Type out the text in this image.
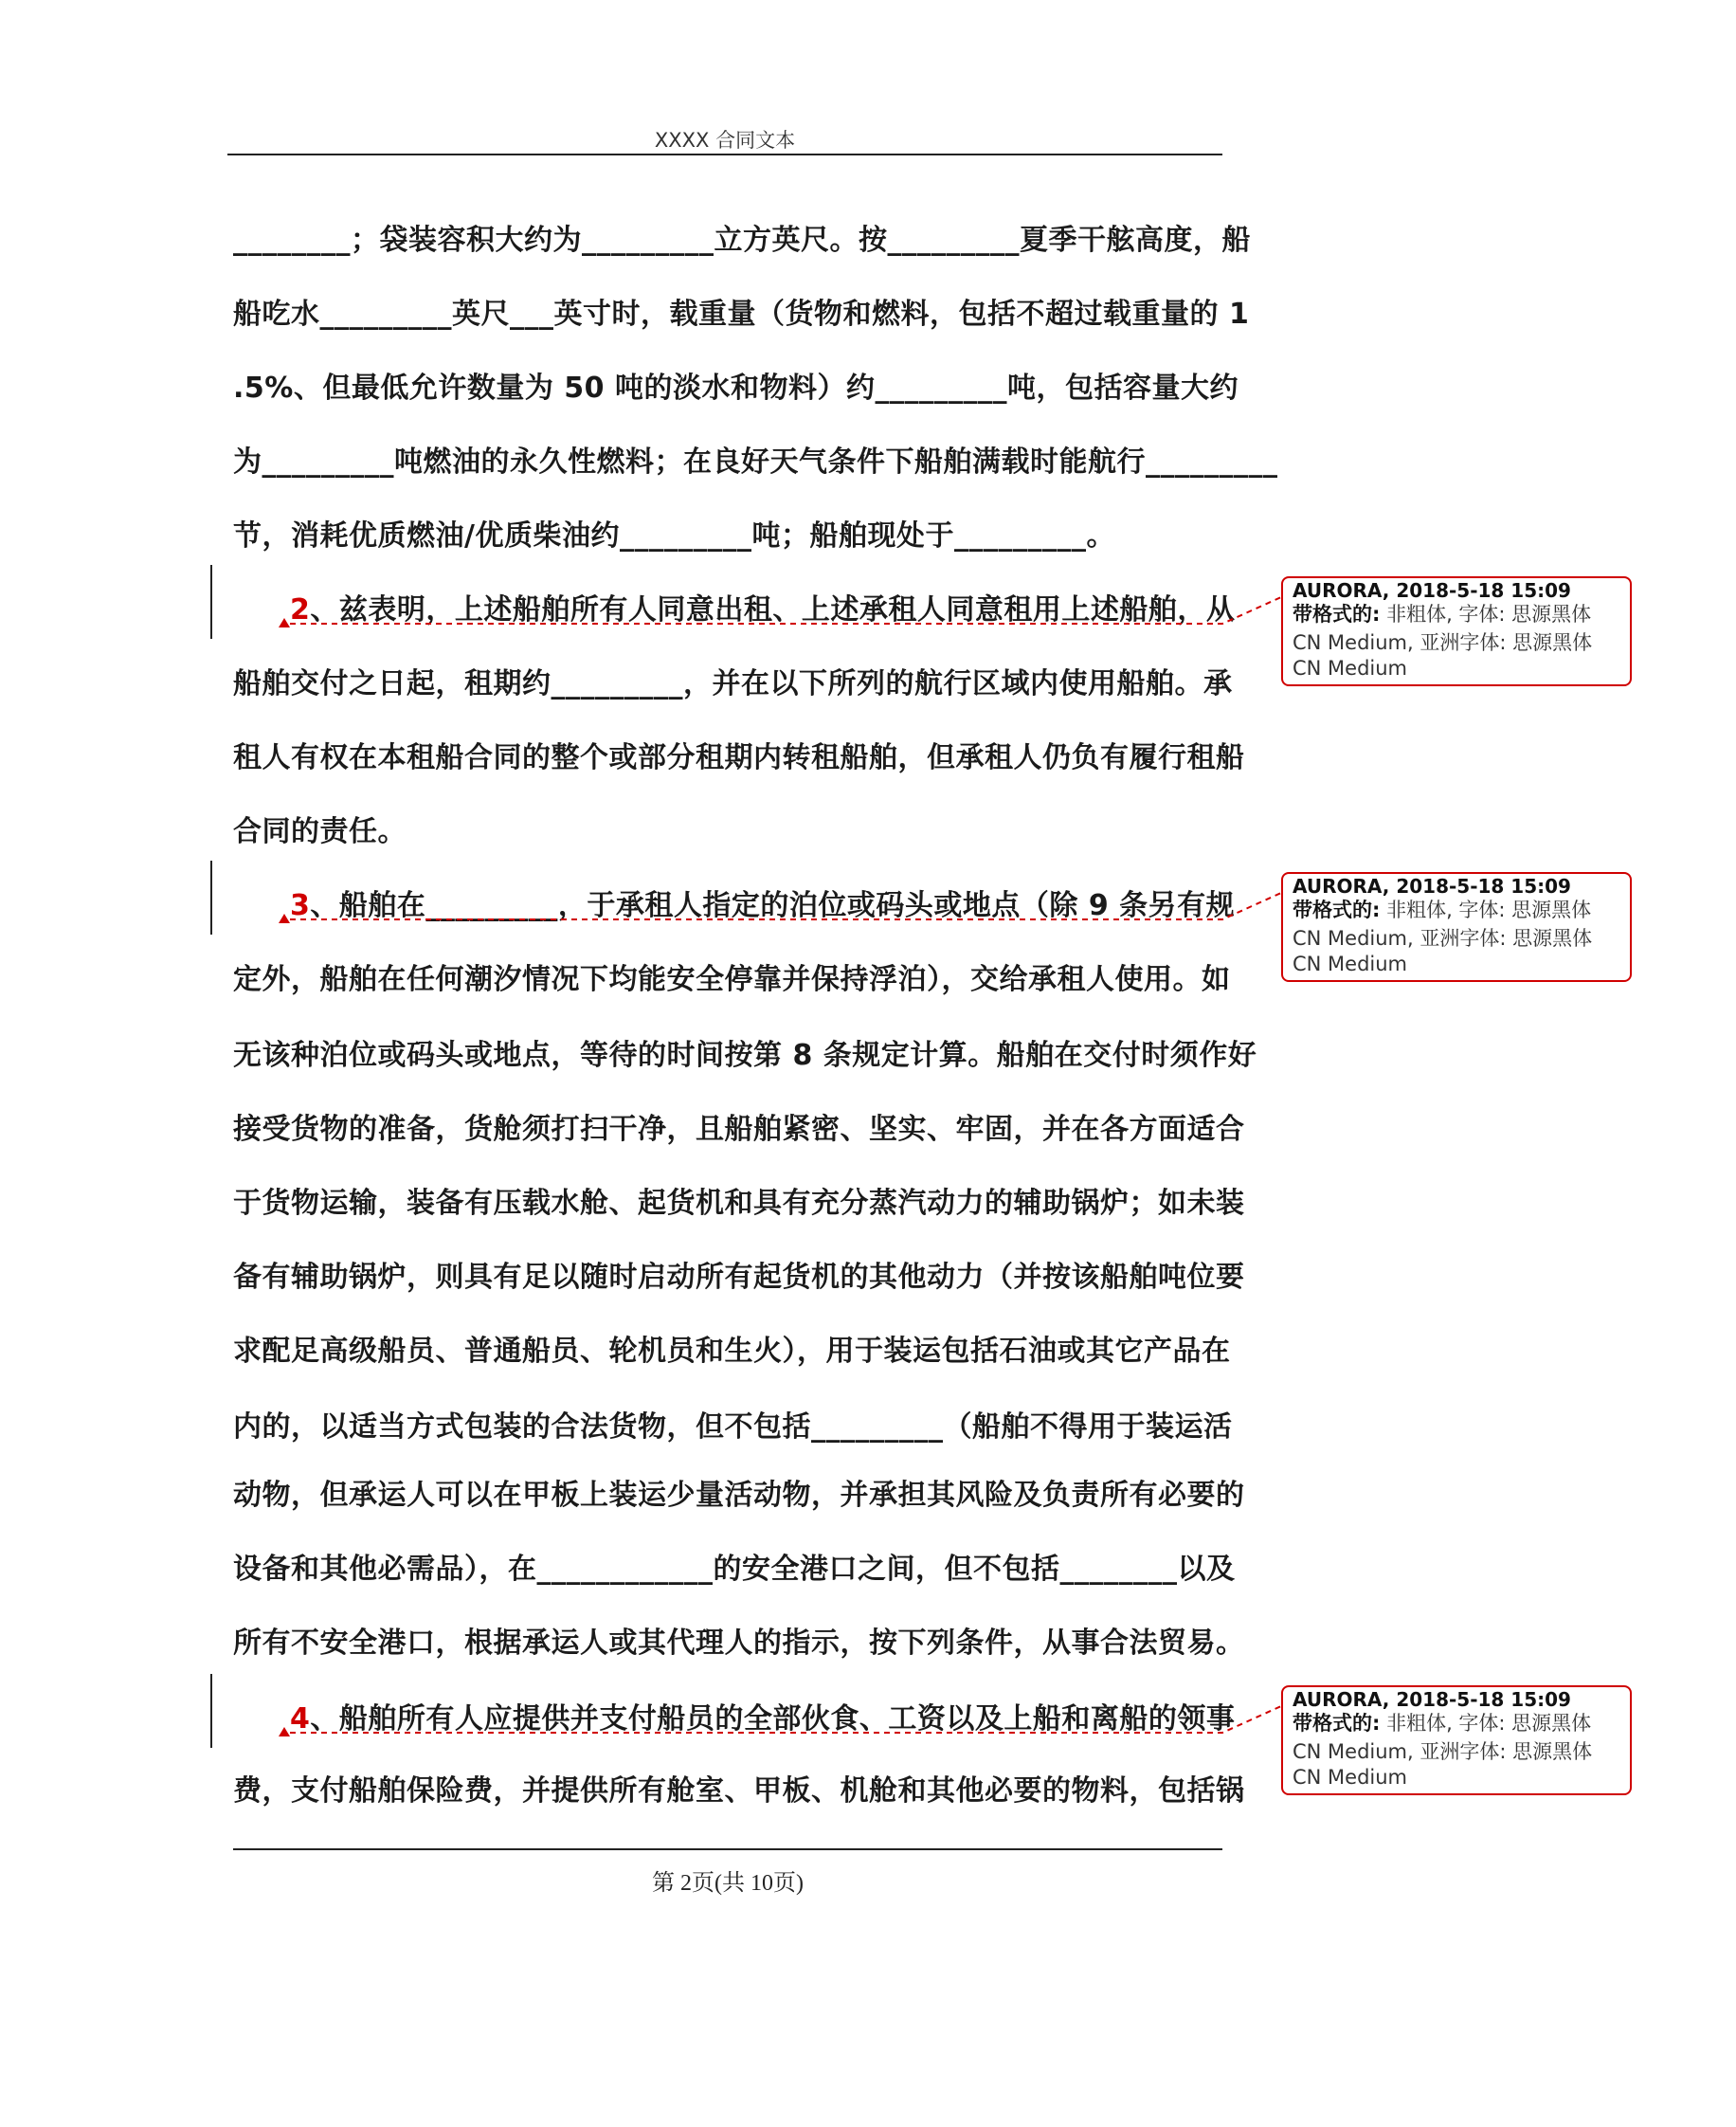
XXXX 合同文本
________；袋装容积大约为_________立方英尺。按_________夏季干舷高度，船
船吃水_________英尺___英寸时，载重量（货物和燃料，包括不超过载重量的 1
.5%、但最低允许数量为 50 吨的淡水和物料）约_________吨，包括容量大约
为_________吨燃油的永久性燃料；在良好天气条件下船舶满载时能航行_________
节，消耗优质燃油/优质柴油约_________吨；船舶现处于_________。
2、兹表明，上述船舶所有人同意出租、上述承租人同意租用上述船舶，从
船舶交付之日起，租期约_________，并在以下所列的航行区域内使用船舶。承
租人有权在本租船合同的整个或部分租期内转租船舶，但承租人仍负有履行租船
合同的责任。
3、船舶在_________，于承租人指定的泊位或码头或地点（除 9 条另有规
定外，船舶在任何潮汐情况下均能安全停靠并保持浮泊），交给承租人使用。如
无该种泊位或码头或地点，等待的时间按第 8 条规定计算。船舶在交付时须作好
接受货物的准备，货舱须打扫干净，且船舶紧密、坚实、牢固，并在各方面适合
于货物运输，装备有压载水舱、起货机和具有充分蒸汽动力的辅助锅炉；如未装
备有辅助锅炉，则具有足以随时启动所有起货机的其他动力（并按该船舶吨位要
求配足高级船员、普通船员、轮机员和生火），用于装运包括石油或其它产品在
内的，以适当方式包装的合法货物，但不包括_________（船舶不得用于装运活
动物，但承运人可以在甲板上装运少量活动物，并承担其风险及负责所有必要的
设备和其他必需品），在____________的安全港口之间，但不包括________以及
所有不安全港口，根据承运人或其代理人的指示，按下列条件，从事合法贸易。
4、船舶所有人应提供并支付船员的全部伙食、工资以及上船和离船的领事
费，支付船舶保险费，并提供所有舱室、甲板、机舱和其他必要的物料，包括锅
AURORA, 2018-5-18 15:09
带格式的: 非粗体, 字体: 思源黑体
CN Medium, 亚洲字体: 思源黑体
CN Medium
AURORA, 2018-5-18 15:09
带格式的: 非粗体, 字体: 思源黑体
CN Medium, 亚洲字体: 思源黑体
CN Medium
AURORA, 2018-5-18 15:09
带格式的: 非粗体, 字体: 思源黑体
CN Medium, 亚洲字体: 思源黑体
CN Medium
第 2页(共 10页)
